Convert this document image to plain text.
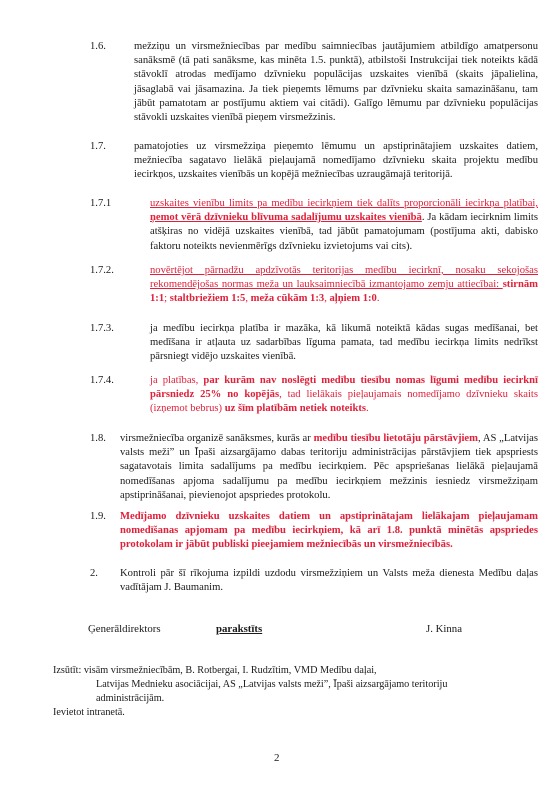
1.6.	mežziņu un virsmežniecības par medību saimniecības jautājumiem atbildīgo amatpersonu sanāksmē (tā pati sanāksme, kas minēta 1.5. punktā), atbilstoši Instrukcijai tiek noteikts kādā stāvoklī atrodas medījamo dzīvnieku populācijas uzskaites vienībā (skaits jāpalielina, jāsaglabā vai jāsamazina. Ja tiek pieņemts lēmums par dzīvnieku skaita samazināšanu, tam jābūt pamatotam ar postījumu aktiem vai citādi). Galīgo lēmumu par dzīvnieku populācijas stāvokli uzskaites vienībā pieņem virsmežzinis.
1.7.	pamatojoties uz virsmežziņa pieņemto lēmumu un apstiprinātajiem uzskaites datiem, mežniecība sagatavo lielākā pieļaujamā nomedījamo dzīvnieku skaita projektu medību iecirkņos, uzskaites vienībās un kopējā mežniecības uzraugāmajā teritorijā.
1.7.1	uzskaites vienību limits pa medību iecirkņiem tiek dalīts proporcionāli iecirkņa platībai, ņemot vērā dzīvnieku blīvuma sadalījumu uzskaites vienībā. Ja kādam iecirknim limits atšķiras no vidējā uzskaites vienībā, tad jābūt pamatojumam (postījuma akti, dabisko faktoru noteikts nevienmērīgs dzīvnieku izvietojums vai cits).
1.7.2.	novērtējot pārnadžu apdzīvotās teritorijas medību iecirknī, nosaku sekojošas rekomendējošas normas meža un lauksaimniecībā izmantojamo zemju attiecībai: stirnām 1:1; staltbriežiem 1:5, meža cūkām 1:3, aļņiem 1:0.
1.7.3.	ja medību iecirkņa platība ir mazāka, kā likumā noteiktā kādas sugas medīšanai, bet medīšana ir atļauta uz sadarbības līguma pamata, tad medību iecirkņa limits nedrīkst pārsniegt vidējo uzskaites vienībā.
1.7.4.	ja platības, par kurām nav noslēgti medību tiesību nomas līgumi medību iecirknī pārsniedz 25% no kopējās, tad lielākais pieļaujamais nomedījamo dzīvnieku skaits (izņemot bebrus) uz šīm platībām netiek noteikts.
1.8. virsmežniecība organizē sanāksmes, kurās ar medību tiesību lietotāju pārstāvjiem, AS „Latvijas valsts meži” un Īpaši aizsargājamo dabas teritoriju administrācijas pārstāvjiem tiek apspriests sagatavotais limita sadalījums pa medību iecirkņiem. Pēc apspriešanas lielākā pieļaujamā nomedīšanas apjoma sadalījumu pa medību iecirkņiem mežzinis iesniedz virsmežziņam apstiprināšanai, pievienojot apspriedes protokolu.
1.9. Medījamo dzīvnieku uzskaites datiem un apstiprinātajam lielākajam pieļaujamam nomedīšanas apjomam pa medību iecirkņiem, kā arī 1.8. punktā minētās apspriedes protokolam ir jābūt publiski pieejamiem mežniecībās un virsmežniecībās.
2. Kontroli pār šī rīkojuma izpildi uzdodu virsmežziņiem un Valsts meža dienesta Medību daļas vadītājam J. Baumanim.
Ģenerāldirektors	parakstīts	J. Kinna
Izsūtīt: visām virsmežniecībām, B. Rotbergai, I. Rudzītim, VMD Medību daļai,
Latvijas Mednieku asociācijai, AS „Latvijas valsts meži”, Īpaši aizsargājamo teritoriju
administrācijām.
Ievietot intranetā.
2
